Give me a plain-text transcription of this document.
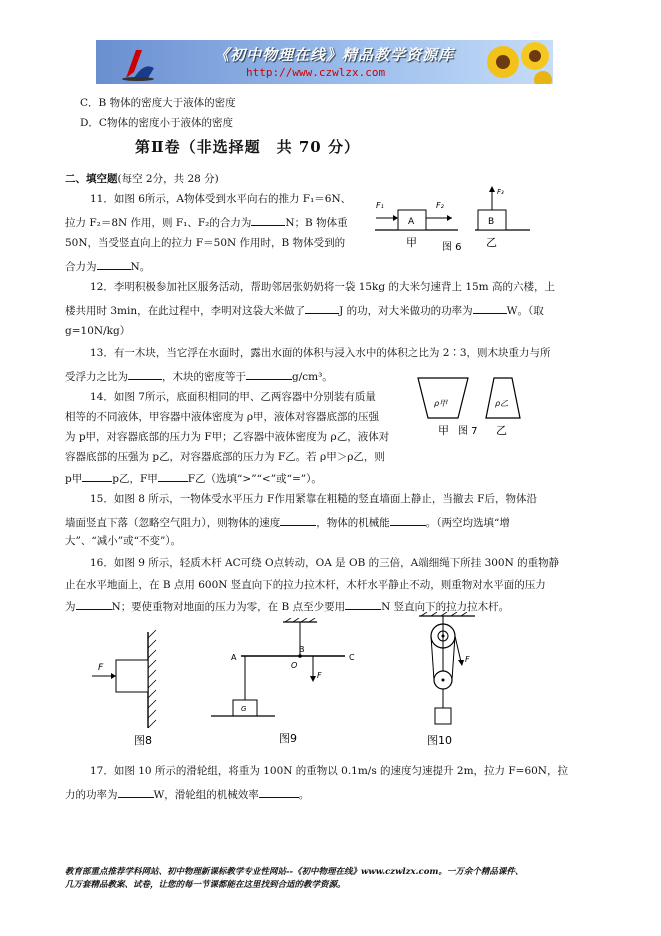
《初中物理在线》精品教学资源库
http://www.czwlzx.com
C．B 物体的密度大于液体的密度
D．C物体的密度小于液体的密度
第Ⅱ卷（非选择题　共 70 分）
二、填空题(每空 2分，共 28 分)
11．如图 6所示，A物体受到水平向右的推力 F₁＝6N、
拉力 F₂＝8N 作用，则 F₁、F₂的合力为	N；B 物体重
50N，当受竖直向上的拉力 F＝50N 作用时，B 物体受到的
合力为	N。
F₁	F₂
F₃
A	B
甲	图 6 乙
12．李明积极参加社区服务活动，帮助邻居张奶奶将一袋 15kg 的大米匀速背上 15m 高的六楼，上
楼共用时 3min，在此过程中，李明对这袋大米做了	J 的功，对大米做功的功率为	W。（取
g=10N/kg）
13．有一木块，当它浮在水面时，露出水面的体积与浸入水中的体积之比为 2∶3，则木块重力与所
受浮力之比为	，木块的密度等于	g/cm³。
14．如图 7所示，底面积相同的甲、乙两容器中分别装有质量
相等的不同液体，甲容器中液体密度为 ρ甲，液体对容器底部的压强
为 p甲，对容器底部的压力为 F甲；乙容器中液体密度为 ρ乙，液体对
容器底部的压强为 p乙，对容器底部的压力为 F乙。若 ρ甲＞ρ乙，则
p甲	p乙，F甲	F乙（选填“>”“<”或“=”）。
ρ甲	ρ乙
甲 图 7 乙
15．如图 8 所示，一物体受水平压力 F作用紧靠在粗糙的竖直墙面上静止，当撤去 F后，物体沿
墙面竖直下落（忽略空气阻力），则物体的速度	，物体的机械能	。（两空均选填“增
大”、“减小”或“不变”）。
16．如图 9 所示，轻质木杆 AC可绕 O点转动，OA 是 OB 的三倍，A端细绳下所挂 300N 的重物静
止在水平地面上，在 B 点用 600N 竖直向下的拉力拉木杆，木杆水平静止不动，则重物对水平面的压力
为	N；要使重物对地面的压力为零，在 B 点至少要用	N 竖直向下的拉力拉木杆。
F
图8
A
B
O
C
F
G
图9
F
图10
17．如图 10 所示的滑轮组，将重为 100N 的重物以 0.1m/s 的速度匀速提升 2m，拉力 F=60N，拉
力的功率为	W，滑轮组的机械效率	。
教育部重点推荐学科网站、初中物理新课标教学专业性网站--《初中物理在线》www.czwlzx.com。一万余个精品课件、
几万套精品教案、试卷，让您的每一节课都能在这里找到合适的教学资源。
